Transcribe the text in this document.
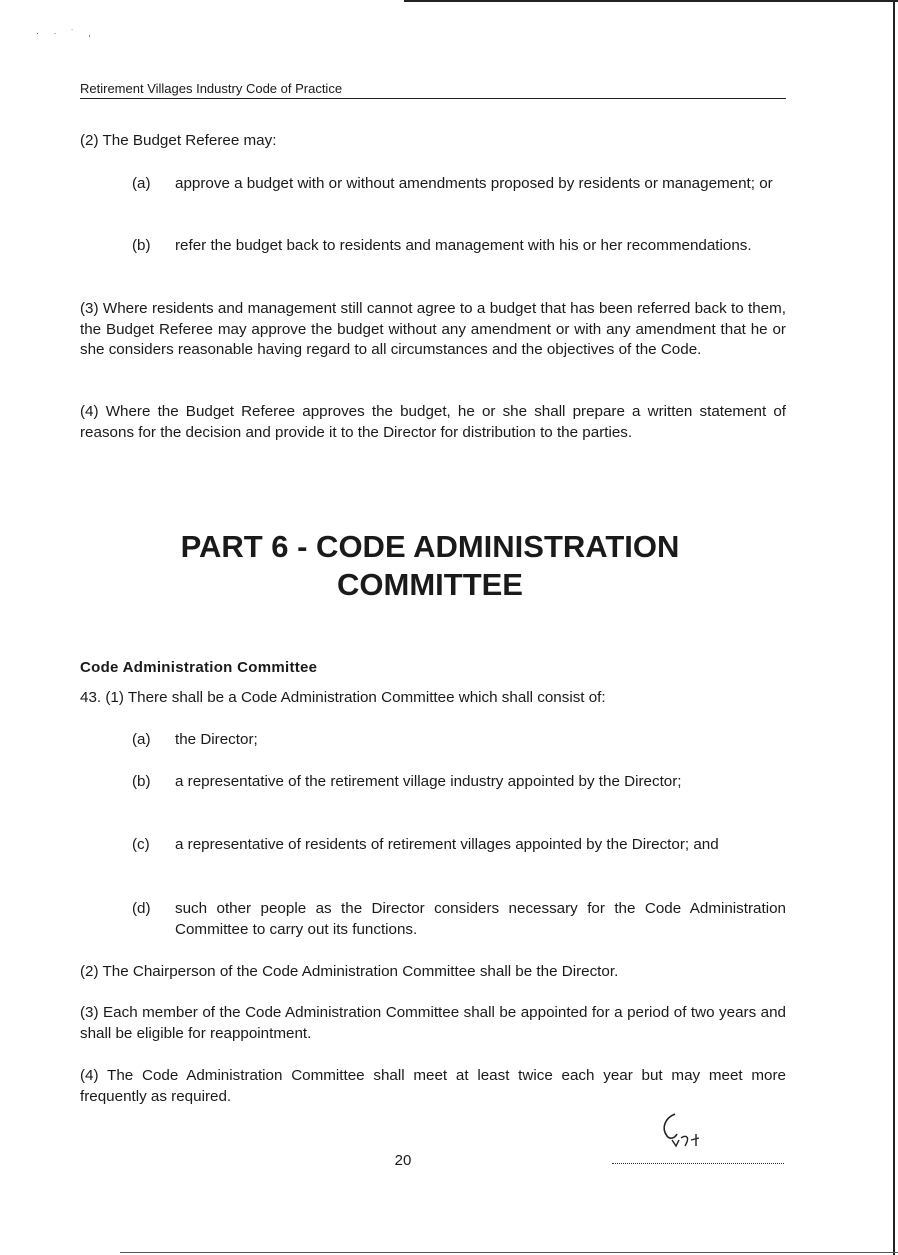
· · ˙ ‚
Retirement Villages Industry Code of Practice
(2) The Budget Referee may:
(a)	approve a budget with or without amendments proposed by residents or management; or
(b)	refer the budget back to residents and management with his or her recommendations.
(3) Where residents and management still cannot agree to a budget that has been referred back to them, the Budget Referee may approve the budget without any amendment or with any amendment that he or she considers reasonable having regard to all circumstances and the objectives of the Code.
(4) Where the Budget Referee approves the budget, he or she shall prepare a written statement of reasons for the decision and provide it to the Director for distribution to the parties.
PART 6 - CODE ADMINISTRATION
COMMITTEE
Code Administration Committee
43. (1) There shall be a Code Administration Committee which shall consist of:
(a)	the Director;
(b)	a representative of the retirement village industry appointed by the Director;
(c)	a representative of residents of retirement villages appointed by the Director; and
(d)	such other people as the Director considers necessary for the Code Administration Committee to carry out its functions.
(2) The Chairperson of the Code Administration Committee shall be the Director.
(3) Each member of the Code Administration Committee shall be appointed for a period of two years and shall be eligible for reappointment.
(4) The Code Administration Committee shall meet at least twice each year but may meet more frequently as required.
20
